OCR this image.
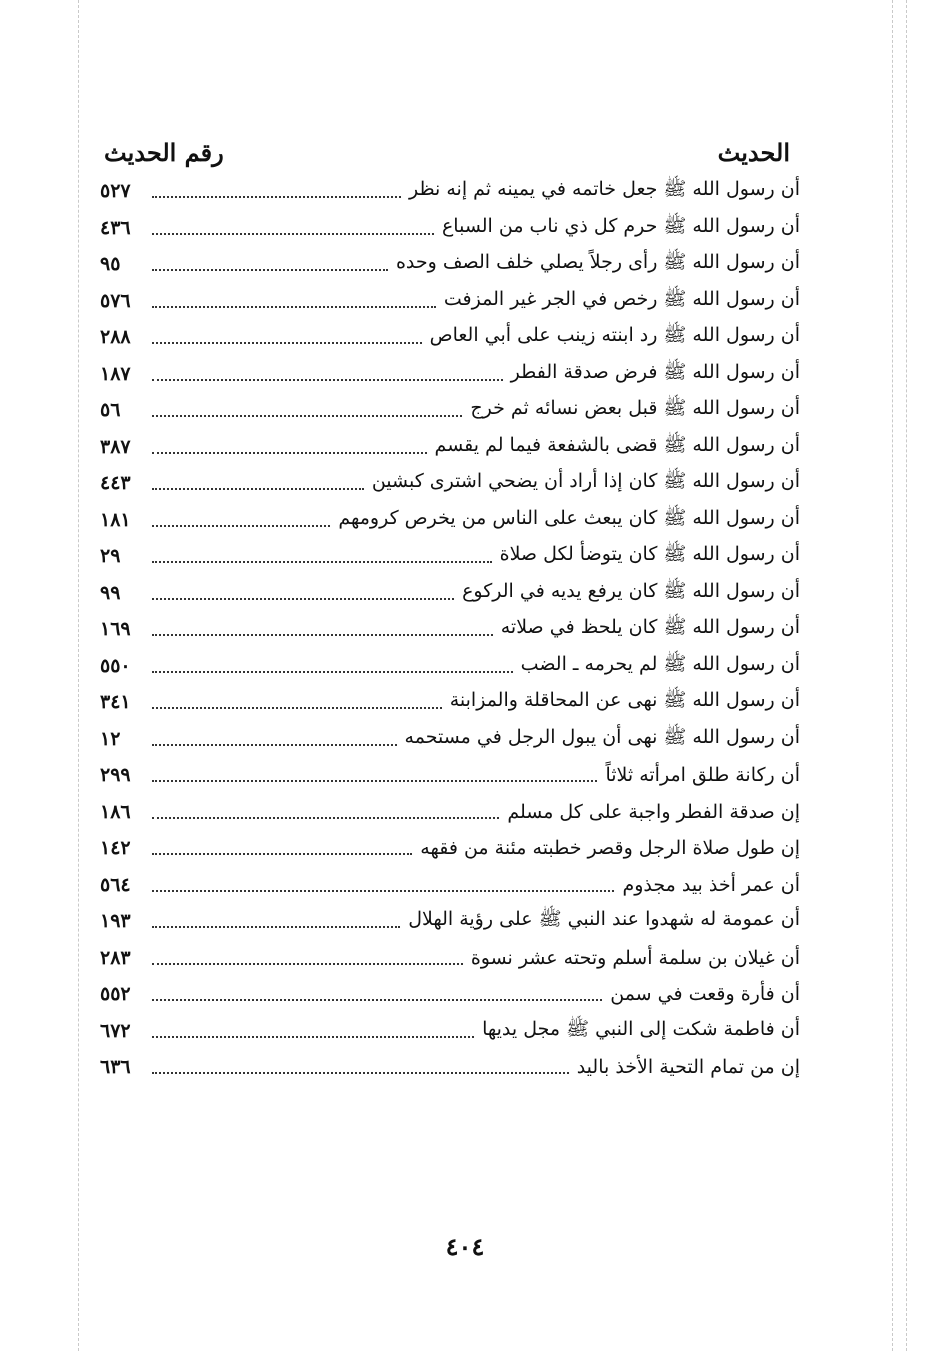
الحديث
رقم الحديث
أن رسول الله ﷺ جعل خاتمه في يمينه ثم إنه نظر
٥٢٧
أن رسول الله ﷺ حرم كل ذي ناب من السباع
٤٣٦
أن رسول الله ﷺ رأى رجلاً يصلي خلف الصف وحده
٩٥
أن رسول الله ﷺ رخص في الجر غير المزفت
٥٧٦
أن رسول الله ﷺ رد ابنته زينب على أبي العاص
٢٨٨
أن رسول الله ﷺ فرض صدقة الفطر
١٨٧
أن رسول الله ﷺ قبل بعض نسائه ثم خرج
٥٦
أن رسول الله ﷺ قضى بالشفعة فيما لم يقسم
٣٨٧
أن رسول الله ﷺ كان إذا أراد أن يضحي اشترى كبشين
٤٤٣
أن رسول الله ﷺ كان يبعث على الناس من يخرص كرومهم
١٨١
أن رسول الله ﷺ كان يتوضأ لكل صلاة
٢٩
أن رسول الله ﷺ كان يرفع يديه في الركوع
٩٩
أن رسول الله ﷺ كان يلحظ في صلاته
١٦٩
أن رسول الله ﷺ لم يحرمه ـ الضب
٥٥٠
أن رسول الله ﷺ نهى عن المحاقلة والمزابنة
٣٤١
أن رسول الله ﷺ نهى أن يبول الرجل في مستحمه
١٢
أن ركانة طلق امرأته ثلاثاً
٢٩٩
إن صدقة الفطر واجبة على كل مسلم
١٨٦
إن طول صلاة الرجل وقصر خطبته مئنة من فقهه
١٤٢
أن عمر أخذ بيد مجذوم
٥٦٤
أن عمومة له شهدوا عند النبي ﷺ على رؤية الهلال
١٩٣
أن غيلان بن سلمة أسلم وتحته عشر نسوة
٢٨٣
أن فأرة وقعت في سمن
٥٥٢
أن فاطمة شكت إلى النبي ﷺ مجل يديها
٦٧٢
إن من تمام التحية الأخذ باليد
٦٣٦
٤٠٤
